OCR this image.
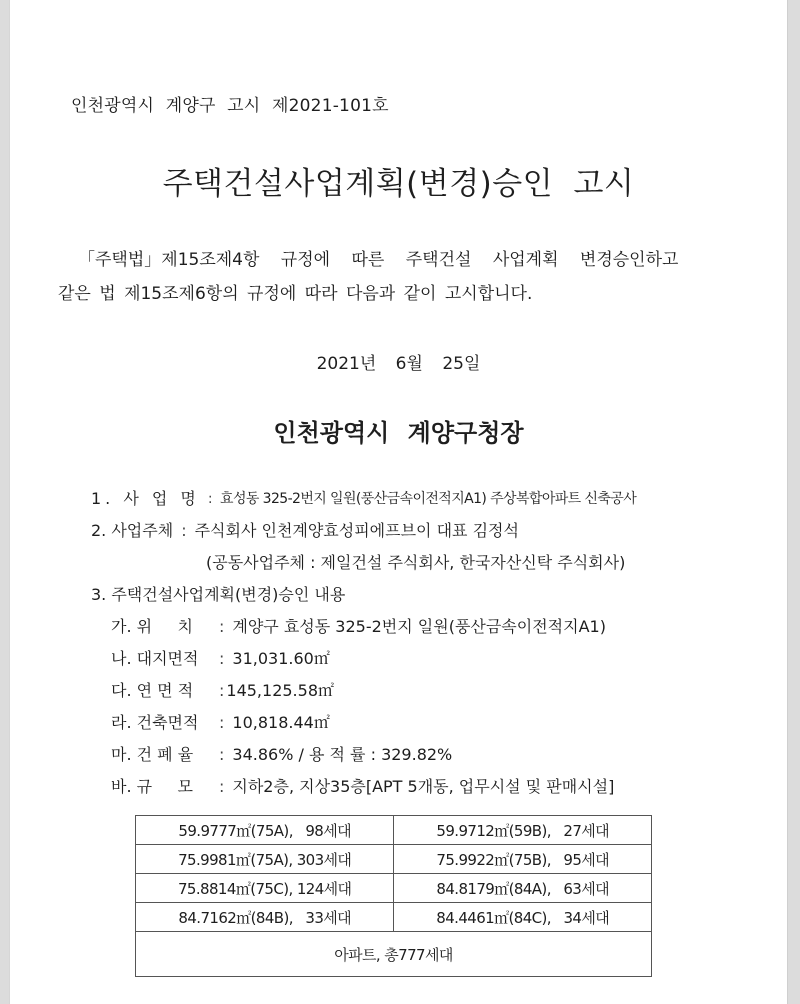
인천광역시 계양구 고시 제2021-101호
주택건설사업계획(변경)승인 고시
「주택법」제15조제4항 규정에 따른 주택건설 사업계획 변경승인하고
같은 법 제15조제6항의 규정에 따라 다음과 같이 고시합니다.
2021년 6월 25일
인천광역시 계양구청장
1. 사 업 명 : 효성동 325-2번지 일원(풍산금속이전적지A1) 주상복합아파트 신축공사
2. 사업주체 : 주식회사 인천계양효성피에프브이 대표 김정석
(공동사업주체 : 제일건설 주식회사, 한국자산신탁 주식회사)
3. 주택건설사업계획(변경)승인 내용
가. 위     치	: 계양구 효성동 325-2번지 일원(풍산금속이전적지A1)
나. 대지면적	: 31,031.60㎡
다. 연 면 적	: 145,125.58㎡
라. 건축면적	: 10,818.44㎡
마. 건 폐 율	: 34.86% / 용 적 률 : 329.82%
바. 규     모	: 지하2층, 지상35층[APT 5개동, 업무시설 및 판매시설]
59.9777㎡(75A),   98세대	59.9712㎡(59B),   27세대
75.9981㎡(75A), 303세대	75.9922㎡(75B),   95세대
75.8814㎡(75C), 124세대	84.8179㎡(84A),   63세대
84.7162㎡(84B),   33세대	84.4461㎡(84C),   34세대
아파트, 총777세대	
